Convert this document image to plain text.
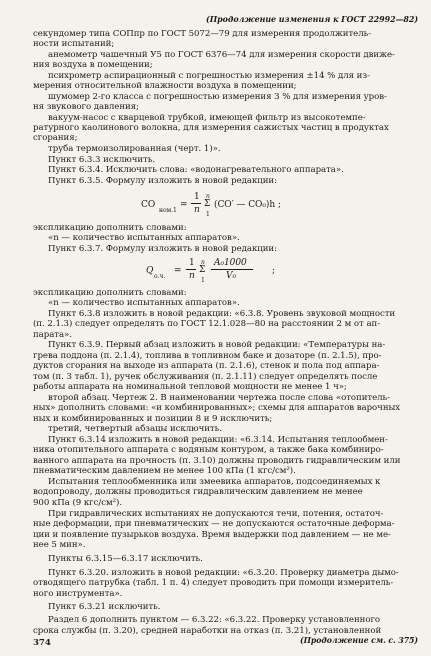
(Продолжение изменения к ГОСТ 22992—82)
секундомер типа СОПпр по ГОСТ 5072—79 для измерения продолжитель-
ности испытаний;
анемометр чашечный У5 по ГОСТ 6376—74 для измерения скорости движе-
ния воздуха в помещении;
психрометр аспирационный с погрешностью измерения ±14 % для из-
мерения относительной влажности воздуха в помещении;
шумомер 2-го класса с погрешностью измерения 3 % для измерения уров-
ня звукового давления;
вакуум-насос с кварцевой трубкой, имеющей фильтр из высокотемпе-
ратурного каолинового волокна, для измерения сажистых частиц в продуктах
сгорания;
труба термоизолированная (черт. 1)».
Пункт 6.3.3 исключить.
Пункт 6.3.4. Исключить слова: «водонагревательного аппарата».
Пункт 6.3.5. Формулу изложить в новой редакции:
CO
ном.1
=
1
n
n
Σ
1
(CO′ — CO₀)h ;
экспликацию дополнить словами:
«n — количество испытанных аппаратов».
Пункт 6.3.7. Формулу изложить в новой редакции:
Q
о.ч.
=
1
n
n
Σ
1
A₀1000
V₀	;
экспликацию дополнить словами:
«n — количество испытанных аппаратов».
Пункт 6.3.8 изложить в новой редакции: «6.3.8. Уровень звуковой мощности
(п. 2.1.3) следует определять по ГОСТ 12.1.028—80 на расстоянии 2 м от ап-
парата».
Пункт 6.3.9. Первый абзац изложить в новой редакции: «Температуры на-
грева поддона (п. 2.1.4), топлива в топливном баке и дозаторе (п. 2.1.5), про-
дуктов сгорания на выходе из аппарата (п. 2.1.6), стенок и пола под аппара-
том (п. 3 табл. 1), ручек обслуживания (п. 2.1.11) следует определять после
работы аппарата на номинальной тепловой мощности не менее 1 ч»;
второй абзац. Чертеж 2. В наименовании чертежа после слова «отопитель-
ных» дополнить словами: «и комбинированных»; схемы для аппаратов варочных
ных и комбинированных и позиции 8 и 9 исключить;
третий, четвертый абзацы исключить.
Пункт 6.3.14 изложить в новой редакции: «6.3.14. Испытания теплообмен-
ника отопительного аппарата с водяным контуром, а также бака комбиниро-
ванного аппарата на прочность (п. 3.10) должны проводить гидравлическим или
пневматическим давлением не менее 100 кПа (1 кгс/см²).
Испытания теплообменника или змеевика аппаратов, подсоединяемых к
водопроводу, должны проводиться гидравлическим давлением не менее
900 кПа (9 кгс/см²).
При гидравлических испытаниях не допускаются течи, потения, остаточ-
ные деформации, при пневматических — не допускаются остаточные деформа-
ции и появление пузырьков воздуха. Время выдержки под давлением — не ме-
нее 5 мин».
Пункты 6.3.15—6.3.17 исключить.
Пункт 6.3.20. изложить в новой редакции: «6.3.20. Проверку диаметра дымо-
отводящего патрубка (табл. 1 п. 4) следует проводить при помощи измеритель-
ного инструмента».
Пункт 6.3.21 исключить.
Раздел 6 дополнить пунктом — 6.3.22: «6.3.22. Проверку установленного
срока службы (п. 3.20), средней наработки на отказ (п. 3.21), установленной
374	(Продолжение см. с. 375)
